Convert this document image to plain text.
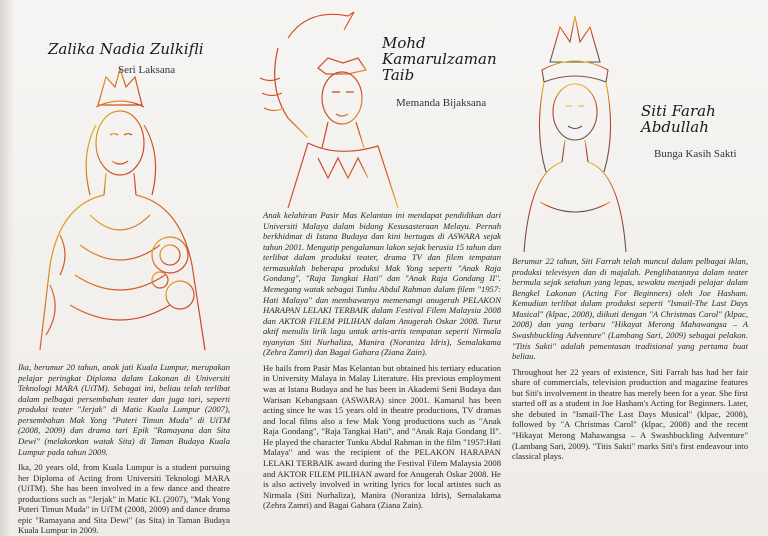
Zalika Nadia Zulkifli
Seri Laksana
Mohd
Kamarulzaman
Taib
Memanda Bijaksana	Siti Farah
Abdullah
Bunga Kasih Sakti

Ika, berumur 20 tahun, anak jati Kuala Lumpur, merupakan pelajar peringkat Diploma dalam Lakonan di Universiti Teknologi MARA (UiTM). Sebagai ini, beliau telah terlibat dalam pelbagai persembahan teater dan juga tari, seperti produksi teater "Jerjak" di Matic Kuala Lumpur (2007), persembahan Mak Yong "Puteri Timun Muda" di UiTM (2008, 2009) dan drama tari Epik "Ramayana dan Sita Dewi" (melakonkan watak Sita) di Taman Budaya Kuala Lumpur pada tahun 2009.

Ika, 20 years old, from Kuala Lumpur is a student pursuing her Diploma of Acting from Universiti Teknologi MARA (UiTM). She has been involved in a few dance and theatre productions such as "Jerjak" in Matic KL (2007), "Mak Yong Puteri Timun Muda" in UiTM (2008, 2009) and dance drama epic "Ramayana and Sita Dewi" (as Sita) in Taman Budaya Kuala Lumpur in 2009.

Anak kelahiran Pasir Mas Kelantan ini mendapat pendidikan dari Universiti Malaya dalam bidang Kesusasteraan Melayu. Pernah berkhidmat di Istana Budaya dan kini bertugas di ASWARA sejak tahun 2001. Mengutip pengalaman lakon sejak berusia 15 tahun dan terlibat dalam produksi teater, drama TV dan filem tempatan termasuklah beberapa produksi Mak Yong seperti "Anak Raja Gondang", "Raja Tangkai Hati" dan "Anak Raja Gondang II". Memegang watak sebagai Tunku Abdul Rahman dalam filem "1957: Hati Malaya" dan membawanya memenangi anugerah PELAKON HARAPAN LELAKI TERBAIK dalam Festival Filem Malaysia 2008 dan AKTOR FILEM PILIHAN dalam Anugerah Oskar 2008. Turut aktif menulis lirik lagu untuk artis-artis tempatan seperti Nirmala nyanyian Siti Nurhaliza, Manira (Noraniza Idris), Semalakama (Zehra Zamri) dan Bagai Gahara (Ziana Zain).

He hails from Pasir Mas Kelantan but obtained his tertiary education in University Malaya in Malay Literature. His previous employment was at Istana Budaya and he has been in Akademi Seni Budaya dan Warisan Kebangsaan (ASWARA) since 2001. Kamarul has been acting since he was 15 years old in theatre productions, TV dramas and local films also a few Mak Yong productions such as "Anak Raja Gondang", "Raja Tangkai Hati", and "Anak Raja Gondang II". He played the character Tunku Abdul Rahman in the film "1957:Hati Malaya" and was the recipient of the PELAKON HARAPAN LELAKI TERBAIK award during the Festival Filem Malaysia 2008 and AKTOR FILEM PILIHAN award for Anugerah Oskar 2008. He is also actively involved in writing lyrics for local artistes such as Nirmala (Siti Nurhaliza), Manira (Noraniza Idris), Semalakama (Zehra Zamri) and Bagai Gahara (Ziana Zain).

Berumur 22 tahun, Siti Farrah telah muncul dalam pelbagai iklan, produksi televisyen dan di majalah. Penglibatannya dalam teater bermula sejak setahun yang lepas, sewaktu menjadi pelajar dalam Bengkel Lakonan (Acting For Beginners) oleh Joe Hasham. Kemudian terlibat dalam produksi seperti "Ismail-The Last Days Musical" (klpac, 2008), diikuti dengan "A Christmas Carol" (klpac, 2008) dan yang terbaru "Hikayat Merong Mahawangsa – A Swashbuckling Adventure" (Lambang Sari, 2009) sebagai pelakon. "Titis Sakti" adalah pementasan tradisional yang pertama buat beliau.

Throughout her 22 years of existence, Siti Farrah has had her fair share of commercials, television production and magazine features but Siti's involvement in theatre has merely been for a year. She first started off as a student in Joe Hasham's Acting for Beginners. Later, she debuted in "Ismail-The Last Days Musical" (klpac, 2008), followed by "A Christmas Carol" (klpac, 2008) and the recent "Hikayat Merong Mahawangsa – A Swashbuckling Adventure" (Lambang Sari, 2009). "Titis Sakti" marks Siti's first endeavour into classical plays.
